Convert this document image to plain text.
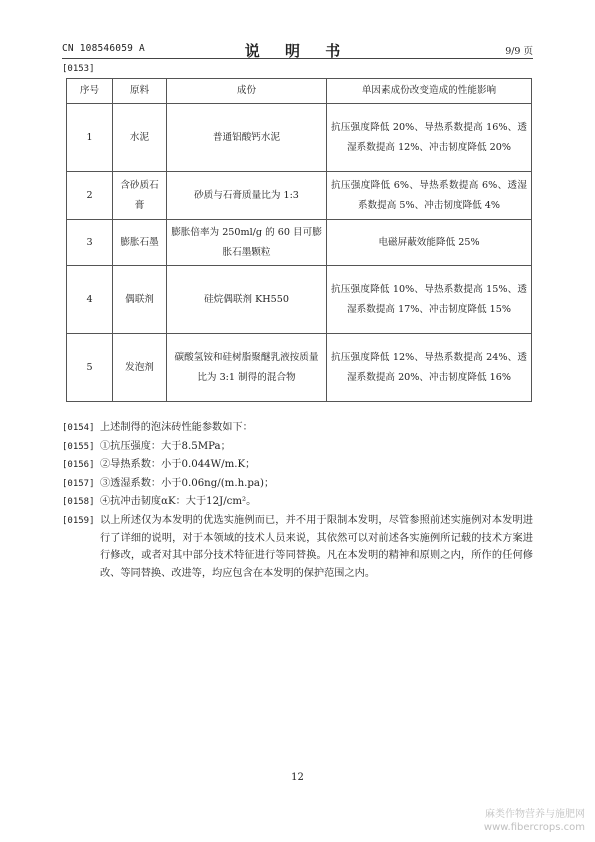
CN 108546059 A	说 明 书	9/9 页
[0153]
序号	原料	成份	单因素成份改变造成的性能影响
1	水泥	普通铝酸钙水泥	抗压强度降低 20%、导热系数提高 16%、透湿系数提高 12%、冲击韧度降低 20%
2	含砂质石膏	砂质与石膏质量比为 1:3	抗压强度降低 6%、导热系数提高 6%、透湿系数提高 5%、冲击韧度降低 4%
3	膨胀石墨	膨胀倍率为 250ml/g 的 60 目可膨胀石墨颗粒	电磁屏蔽效能降低 25%
4	偶联剂	硅烷偶联剂 KH550	抗压强度降低 10%、导热系数提高 15%、透湿系数提高 17%、冲击韧度降低 15%
5	发泡剂	碳酸氢铵和硅树脂聚醚乳液按质量比为 3:1 制得的混合物	抗压强度降低 12%、导热系数提高 24%、透湿系数提高 20%、冲击韧度降低 16%
[0154] 上述制得的泡沫砖性能参数如下：
[0155] ①抗压强度：大于8.5MPa；
[0156] ②导热系数：小于0.044W/m.K；
[0157] ③透湿系数：小于0.06ng/(m.h.pa)；
[0158] ④抗冲击韧度αK：大于12J/cm²。
[0159] 以上所述仅为本发明的优选实施例而已，并不用于限制本发明，尽管参照前述实施例对本发明进行了详细的说明，对于本领域的技术人员来说，其依然可以对前述各实施例所记载的技术方案进行修改，或者对其中部分技术特征进行等同替换。凡在本发明的精神和原则之内，所作的任何修改、等同替换、改进等，均应包含在本发明的保护范围之内。
12
麻类作物营养与施肥网
www.fibercrops.com
